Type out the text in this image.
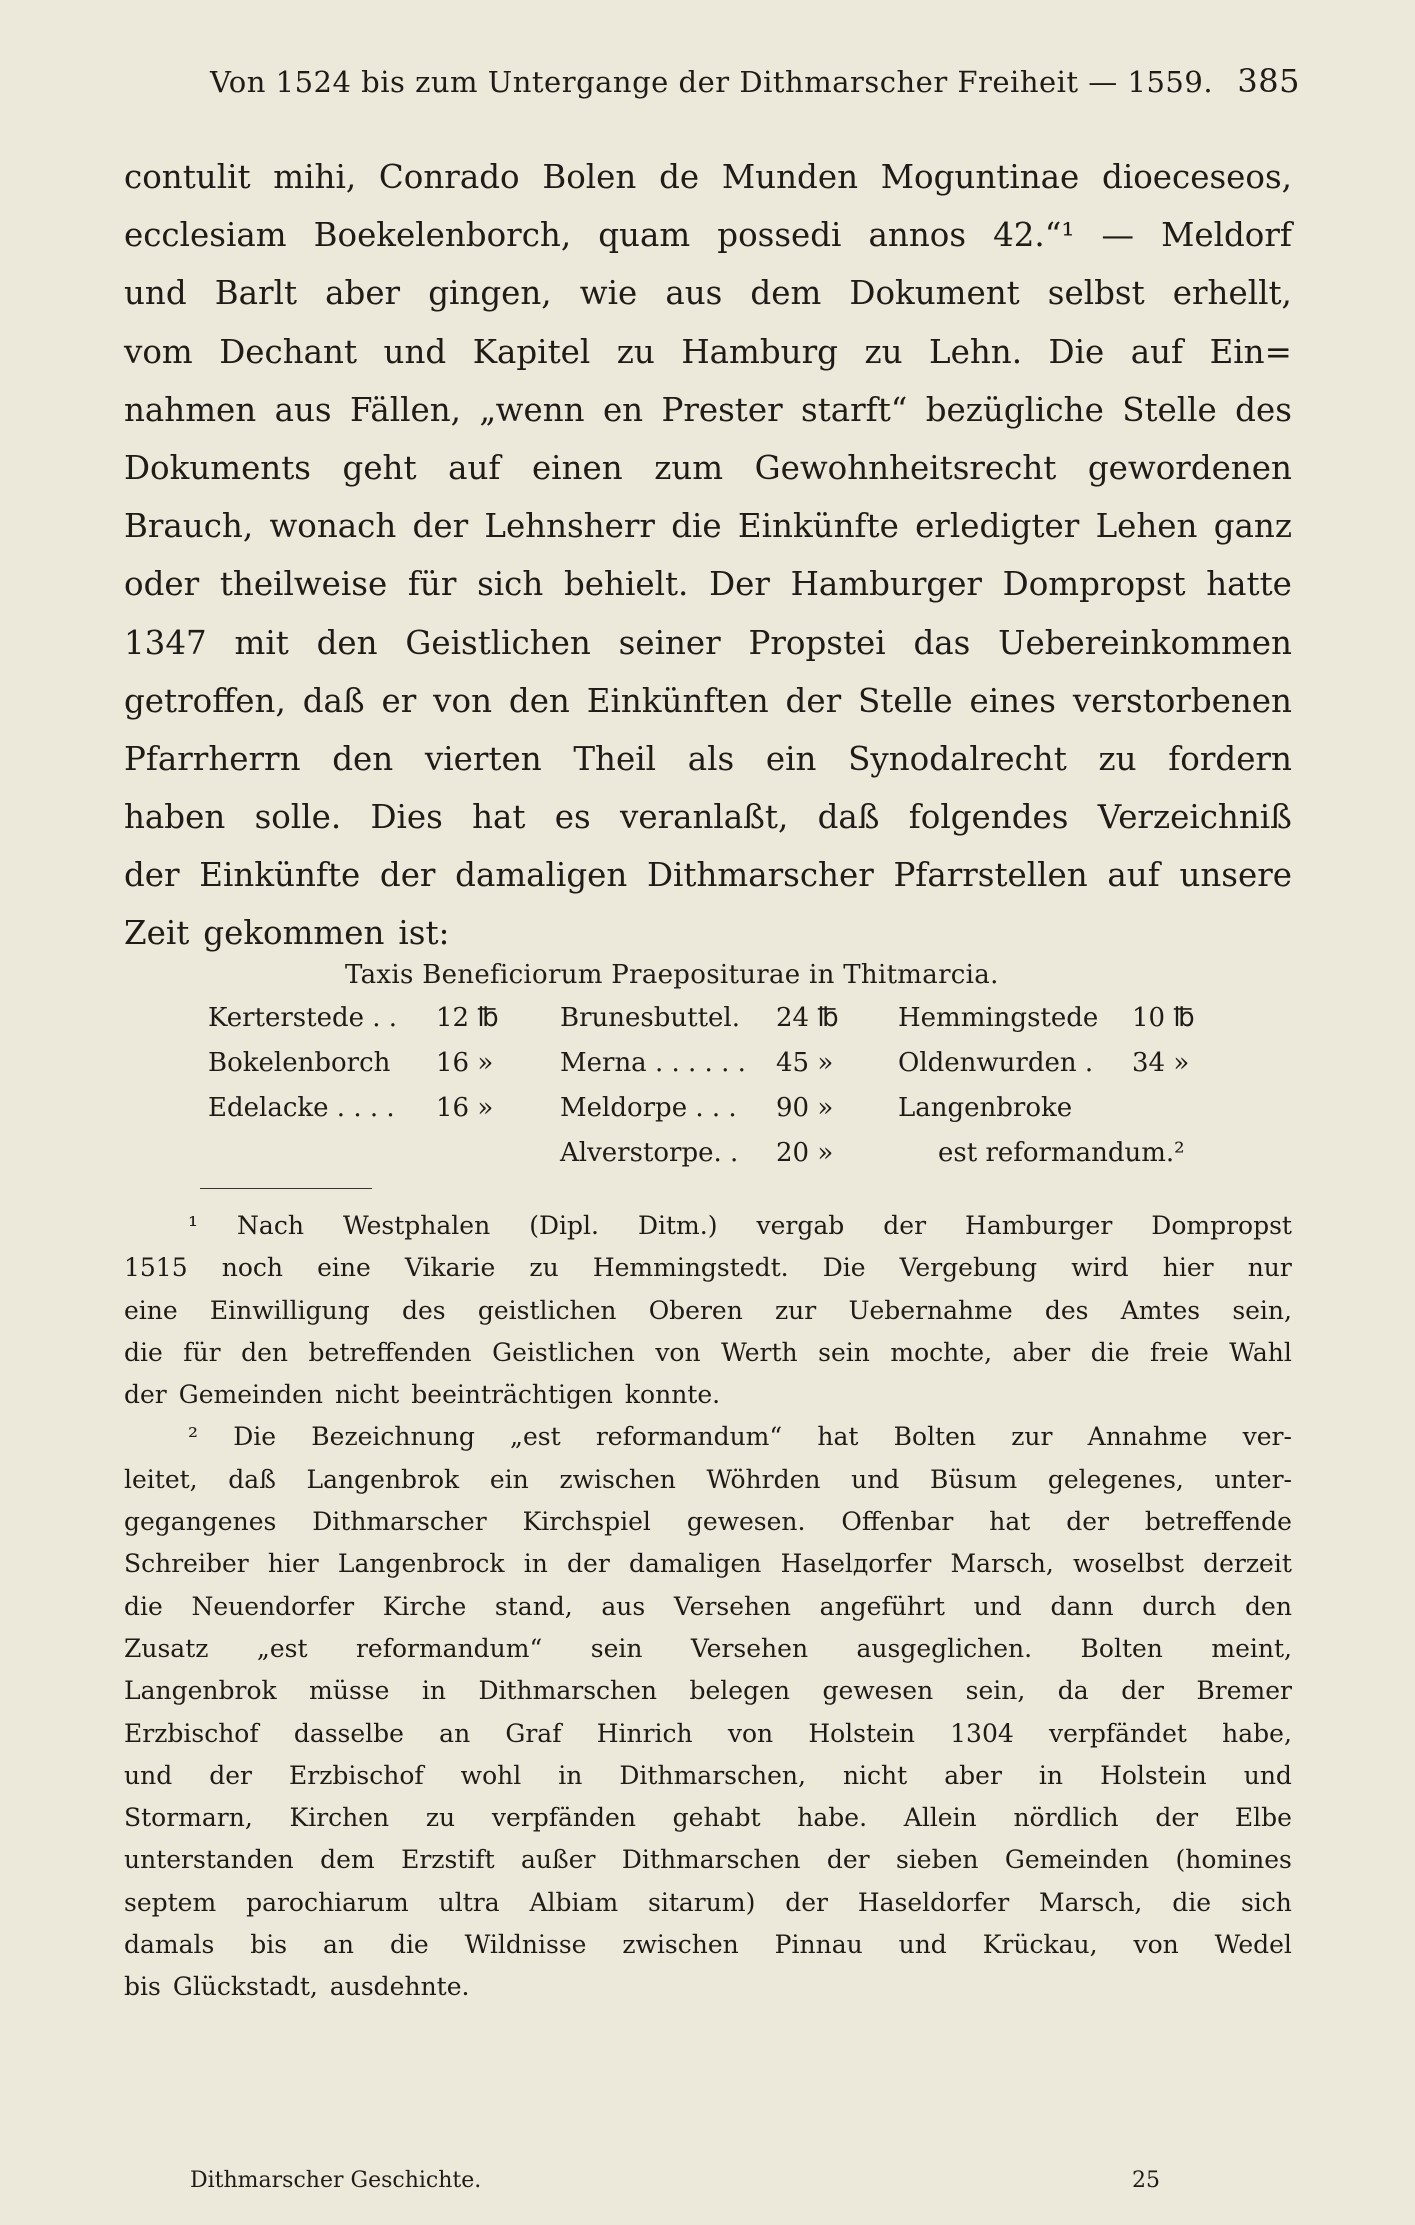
Von 1524 bis zum Untergange der Dithmarscher Freiheit — 1559. 385
contulit mihi, Conrado Bolen de Munden Moguntinae dioeceseos,
ecclesiam Boekelenborch, quam possedi annos 42.“¹ — Meldorf
und Barlt aber gingen, wie aus dem Dokument selbst erhellt,
vom Dechant und Kapitel zu Hamburg zu Lehn. Die auf Ein=
nahmen aus Fällen, „wenn en Prester starft“ bezügliche Stelle des
Dokuments geht auf einen zum Gewohnheitsrecht gewordenen
Brauch, wonach der Lehnsherr die Einkünfte erledigter Lehen ganz
oder theilweise für sich behielt. Der Hamburger Dompropst hatte
1347 mit den Geistlichen seiner Propstei das Uebereinkommen
getroffen, daß er von den Einkünften der Stelle eines verstorbenen
Pfarrherrn den vierten Theil als ein Synodalrecht zu fordern
haben solle. Dies hat es veranlaßt, daß folgendes Verzeichniß
der Einkünfte der damaligen Dithmarscher Pfarrstellen auf unsere
Zeit gekommen ist:
Taxis Beneficiorum Praepositurae in Thitmarcia.
Kerterstede . . 12 ℔ Brunesbuttel. 24 ℔ Hemmingstede 10 ℔
Bokelenborch 16 »	Merna . . . . . . 45 » Oldenwurden . 34 »
Edelacke . . . . 16 »	Meldorpe . . . 90 » Langenbroke
Alverstorpe. . 20 »	est reformandum.²
¹ Nach Westphalen (Dipl. Ditm.) vergab der Hamburger Dompropst
1515 noch eine Vikarie zu Hemmingstedt. Die Vergebung wird hier nur
eine Einwilligung des geistlichen Oberen zur Uebernahme des Amtes sein,
die für den betreffenden Geistlichen von Werth sein mochte, aber die freie Wahl
der Gemeinden nicht beeinträchtigen konnte.
² Die Bezeichnung „est reformandum“ hat Bolten zur Annahme ver-
leitet, daß Langenbrok ein zwischen Wöhrden und Büsum gelegenes, unter-
gegangenes Dithmarscher Kirchspiel gewesen. Offenbar hat der betreffende
Schreiber hier Langenbrock in der damaligen Haselдorfer Marsch, woselbst derzeit
die Neuendorfer Kirche stand, aus Versehen angeführt und dann durch den
Zusatz „est reformandum“ sein Versehen ausgeglichen. Bolten meint,
Langenbrok müsse in Dithmarschen belegen gewesen sein, da der Bremer
Erzbischof dasselbe an Graf Hinrich von Holstein 1304 verpfändet habe,
und der Erzbischof wohl in Dithmarschen, nicht aber in Holstein und
Stormarn, Kirchen zu verpfänden gehabt habe. Allein nördlich der Elbe
unterstanden dem Erzstift außer Dithmarschen der sieben Gemeinden (homines
septem parochiarum ultra Albiam sitarum) der Haseldorfer Marsch, die sich
damals bis an die Wildnisse zwischen Pinnau und Krückau, von Wedel
bis Glückstadt, ausdehnte.
Dithmarscher Geschichte.	25
